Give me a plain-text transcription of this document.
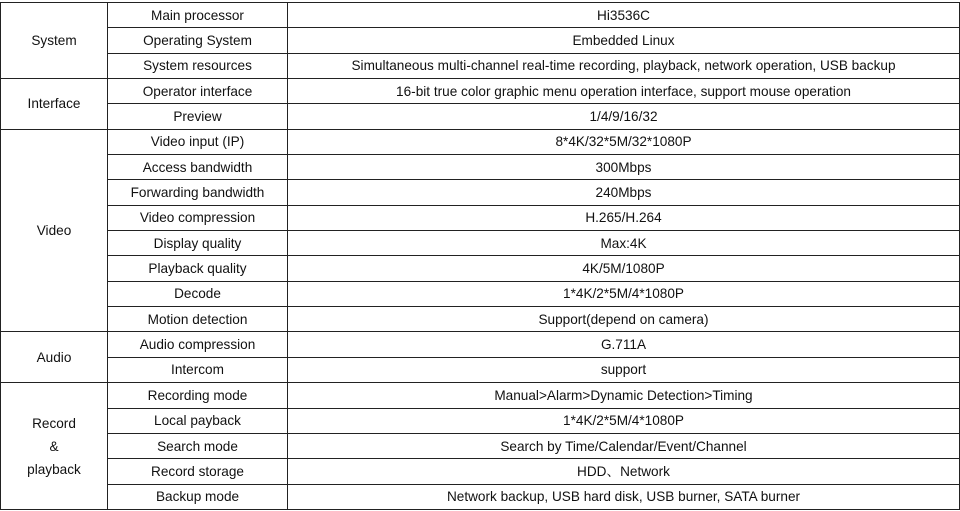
System	Main processor	Hi3536C
	Operating System	Embedded Linux
	System resources	Simultaneous multi-channel real-time recording, playback, network operation, USB backup

Interface	Operator interface	16-bit true color graphic menu operation interface, support mouse operation
	Preview	1/4/9/16/32

Video	Video input (IP)	8*4K/32*5M/32*1080P
	Access bandwidth	300Mbps
	Forwarding bandwidth	240Mbps
	Video compression	H.265/H.264
	Display quality	Max:4K
	Playback quality	4K/5M/1080P
	Decode	1*4K/2*5M/4*1080P
	Motion detection	Support(depend on camera)

Audio	Audio compression	G.711A
	Intercom	support

Record
&
playback	Recording mode	Manual>Alarm>Dynamic Detection>Timing
	Local payback	1*4K/2*5M/4*1080P
	Search mode	Search by Time/Calendar/Event/Channel
	Record storage	HDD、Network
	Backup mode	Network backup, USB hard disk, USB burner, SATA burner
